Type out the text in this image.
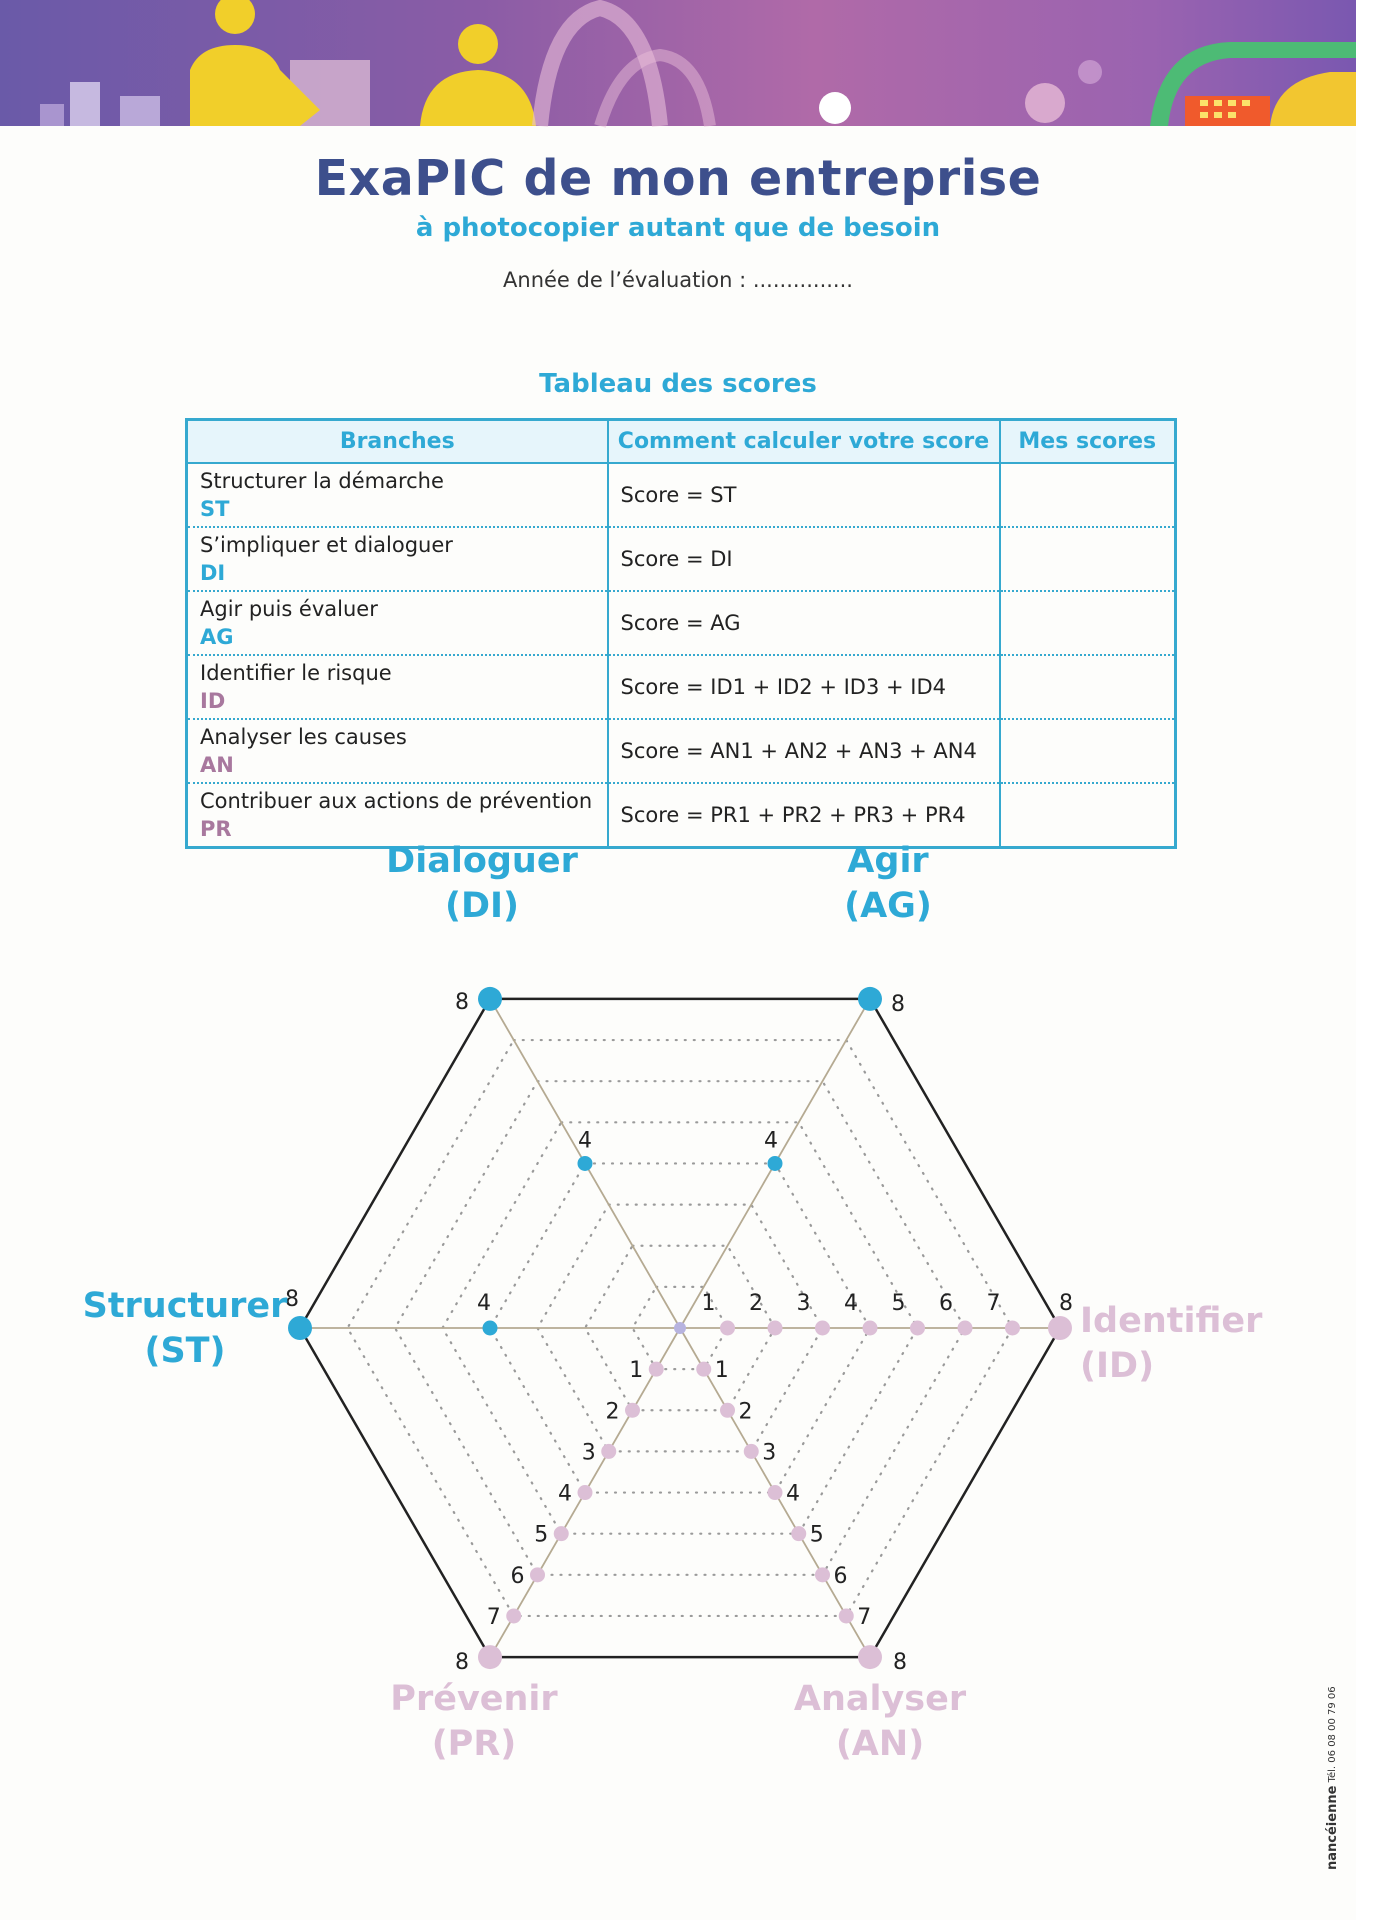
ExaPIC de mon entreprise
à photocopier autant que de besoin
Année de l’évaluation : ...............
Tableau des scores
Branches	Comment calculer votre score	Mes scores

Structurer la démarche
ST	Score = ST	

S’impliquer et dialoguer
DI	Score = DI	

Agir puis évaluer
AG	Score = AG	

Identifier le risque
ID	Score = ID1 + ID2 + ID3 + ID4	

Analyser les causes
AN	Score = AN1 + AN2 + AN3 + AN4	

Contribuer aux actions de prévention
PR	Score = PR1 + PR2 + PR3 + PR4	
4
8
4
8
1 2 3 4 5 6 7	8
1
2
3
4
5
6
7
8
1
2
3
4
5
6
7
8
4
8
Dialoguer
(DI)
Agir
(AG)
Identifier
(ID)
Analyser
(AN)
Prévenir
(PR)
Structurer
(ST)
nancéienne Tél. 06 08 00 79 06
